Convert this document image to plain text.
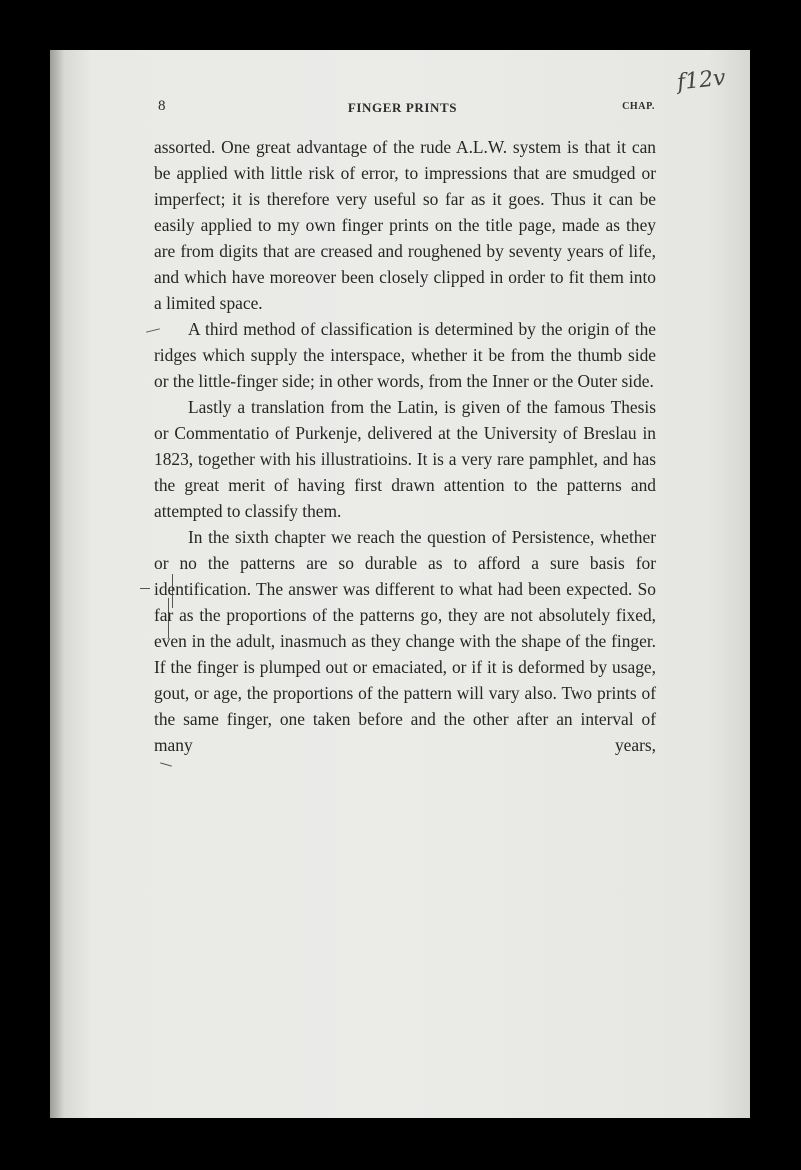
f12v
8	FINGER PRINTS	CHAP.

assorted. One great advantage of the rude A.L.W. system is that it can be applied with little risk of error, to impressions that are smudged or imperfect; it is therefore very useful so far as it goes. Thus it can be easily applied to my own finger prints on the title page, made as they are from digits that are creased and roughened by seventy years of life, and which have moreover been closely clipped in order to fit them into a limited space.

A third method of classification is determined by the origin of the ridges which supply the interspace, whether it be from the thumb side or the little-finger side; in other words, from the Inner or the Outer side.

Lastly a translation from the Latin, is given of the famous Thesis or Commentatio of Purkenje, delivered at the University of Breslau in 1823, together with his illustratioins. It is a very rare pamphlet, and has the great merit of having first drawn attention to the patterns and attempted to classify them.

In the sixth chapter we reach the question of Persistence, whether or no the patterns are so durable as to afford a sure basis for identification. The answer was different to what had been expected. So far as the proportions of the patterns go, they are not absolutely fixed, even in the adult, inasmuch as they change with the shape of the finger. If the finger is plumped out or emaciated, or if it is deformed by usage, gout, or age, the proportions of the pattern will vary also. Two prints of the same finger, one taken before and the other after an interval of many years,
